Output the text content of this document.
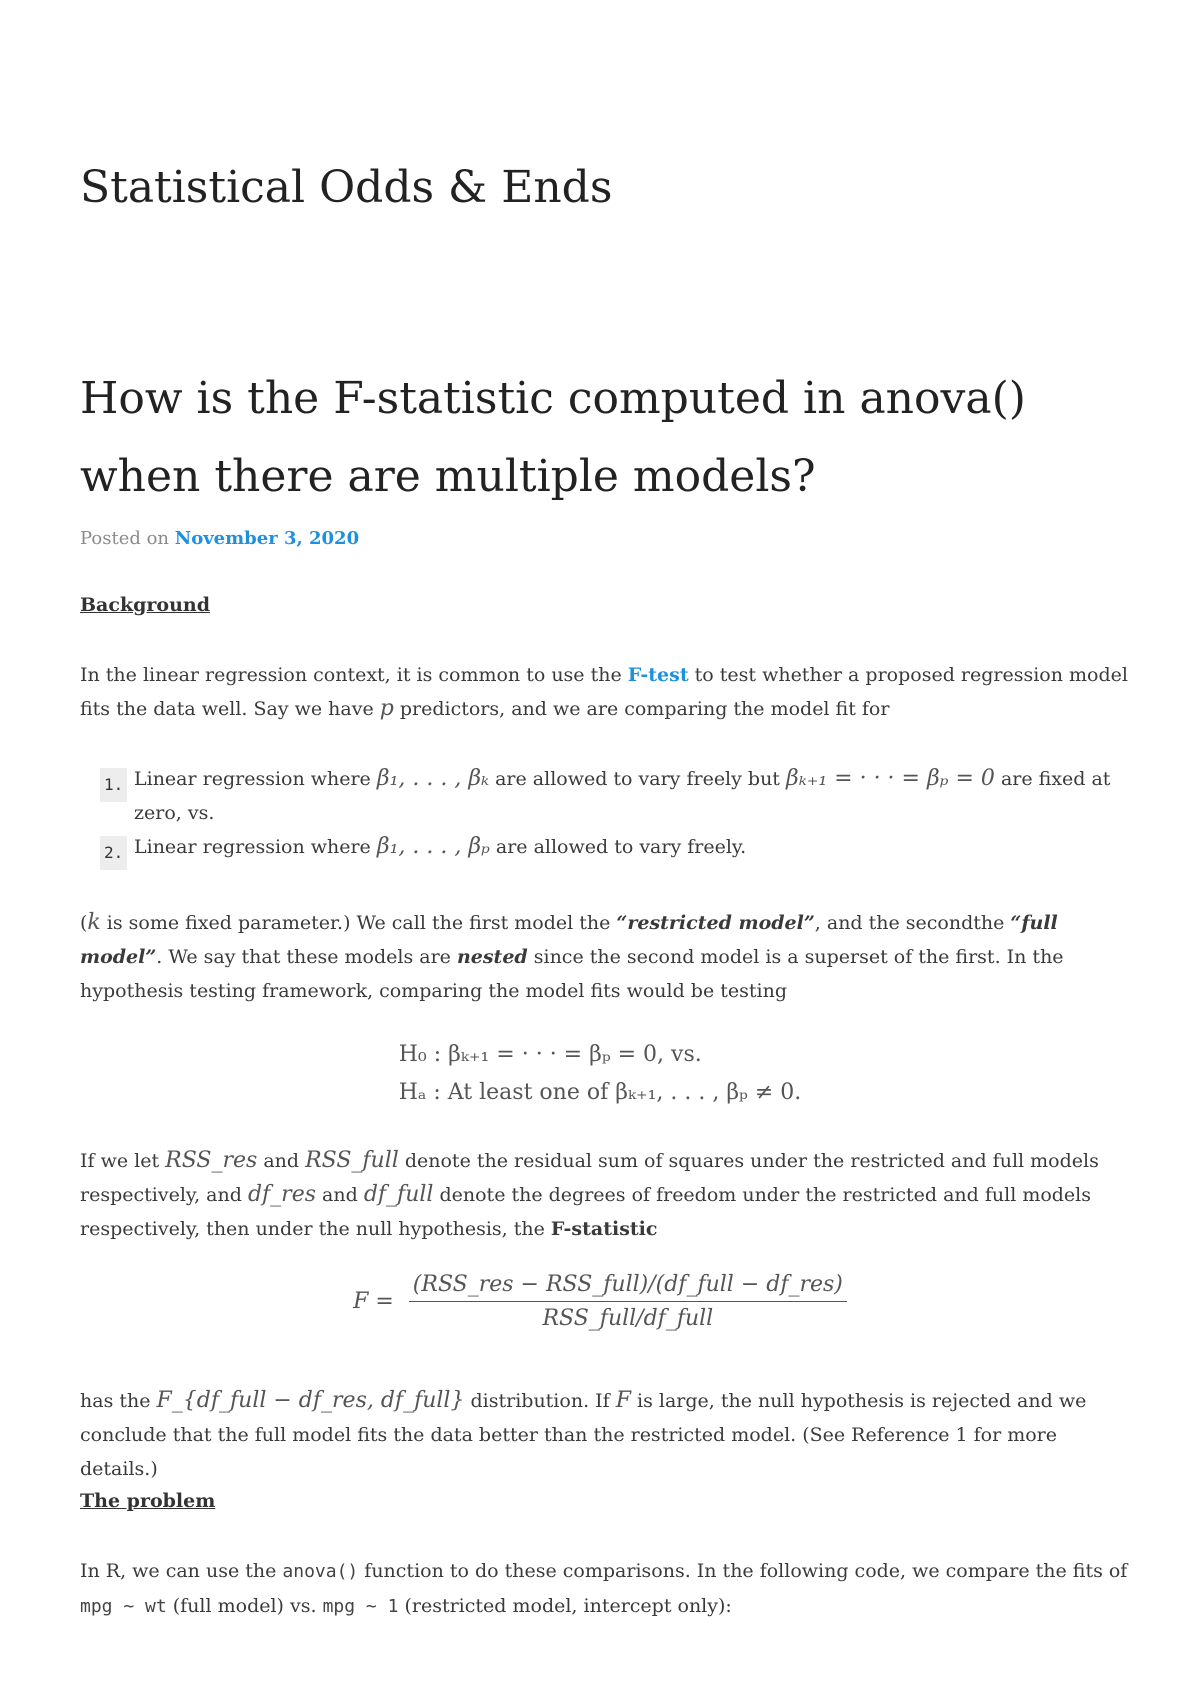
Statistical Odds & Ends
How is the F-statistic computed in anova() when there are multiple models?
Posted on November 3, 2020
Background

In the linear regression context, it is common to use the F-test to test whether a proposed regression model fits the data well. Say we have p predictors, and we are comparing the model fit for

1. Linear regression where β₁, . . . , βₖ are allowed to vary freely but βₖ₊₁ = · · · = βₚ = 0 are fixed at zero, vs.
2. Linear regression where β₁, . . . , βₚ are allowed to vary freely.

(k is some fixed parameter.) We call the first model the “restricted model”, and the secondthe “full model”. We say that these models are nested since the second model is a superset of the first. In the hypothesis testing framework, comparing the model fits would be testing

H₀ : βₖ₊₁ = · · · = βₚ = 0, vs.
Hₐ : At least one of βₖ₊₁, . . . , βₚ ≠ 0.

If we let RSS_res and RSS_full denote the residual sum of squares under the restricted and full models respectively, and df_res and df_full denote the degrees of freedom under the restricted and full models respectively, then under the null hypothesis, the F-statistic

$F = \frac{\text{(RSS\_res − RSS\_full)/(df\_full − df\_res)}}{\text{RSS\_full/df\_full}}$

has the F_{df_full − df_res, df_full} distribution. If F is large, the null hypothesis is rejected and we conclude that the full model fits the data better than the restricted model. (See Reference 1 for more details.)

The problem

In R, we can use the anova() function to do these comparisons. In the following code, we compare the fits of mpg ~ wt (full model) vs. mpg ~ 1 (restricted model, intercept only):
